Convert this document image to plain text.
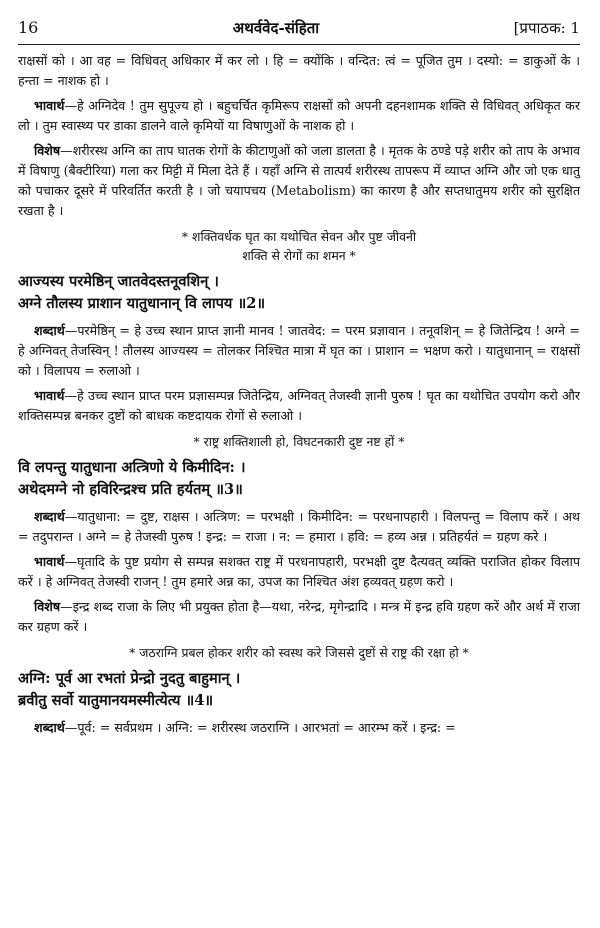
16	अथर्ववेद-संहिता	[प्रपाठक: 1

राक्षसों को । आ वह = विधिवत् अधिकार में कर लो । हि = क्योंकि । वन्दित: त्वं = पूजित तुम । दस्यो: = डाकुओं के । हन्ता = नाशक हो ।

भावार्थ—हे अग्निदेव ! तुम सुपूज्य हो । बहुचर्चित कृमिरूप राक्षसों को अपनी दहनशामक शक्ति से विधिवत् अधिकृत कर लो । तुम स्वास्थ्य पर डाका डालने वाले कृमियों या विषाणुओं के नाशक हो ।

विशेष—शरीरस्थ अग्नि का ताप घातक रोगों के कीटाणुओं को जला डालता है । मृतक के ठण्डे पड़े शरीर को ताप के अभाव में विषाणु (बैक्टीरिया) गला कर मिट्टी में मिला देते हैं । यहाँ अग्नि से तात्पर्य शरीरस्थ तापरूप में व्याप्त अग्नि और जो एक धातु को पचाकर दूसरे में परिवर्तित करती है । जो चयापचय (Metabolism) का कारण है और सप्तधातुमय शरीर को सुरक्षित रखता है ।

* शक्तिवर्धक घृत का यथोचित सेवन और पुष्ट जीवनी
शक्ति से रोगों का शमन *
आज्यस्य परमेष्ठिन् जातवेदस्तनूवशिन् ।
अग्ने तौलस्य प्राशान यातुधानान् वि लापय ॥2॥

शब्दार्थ—परमेष्ठिन् = हे उच्च स्थान प्राप्त ज्ञानी मानव ! जातवेद: = परम प्रज्ञावान । तनूवशिन् = हे जितेन्द्रिय ! अग्ने = हे अग्निवत् तेजस्विन् ! तौलस्य आज्यस्य = तोलकर निश्चित मात्रा में घृत का । प्राशान = भक्षण करो । यातुधानान् = राक्षसों को । विलापय = रुलाओ ।

भावार्थ—हे उच्च स्थान प्राप्त परम प्रज्ञासम्पन्न जितेन्द्रिय, अग्निवत् तेजस्वी ज्ञानी पुरुष ! घृत का यथोचित उपयोग करो और शक्तिसम्पन्न बनकर दुष्टों को बाधक कष्टदायक रोगों से रुलाओ ।

* राष्ट्र शक्तिशाली हो, विघटनकारी दुष्ट नष्ट हों *
वि लपन्तु यातुधाना अत्त्रिणो ये किमीदिन: ।
अथेदमग्ने नो हविरिन्द्रश्च प्रति हर्यतम् ॥3॥

शब्दार्थ—यातुधाना: = दुष्ट, राक्षस । अत्त्रिण: = परभक्षी । किमीदिन: = परधनापहारी । विलपन्तु = विलाप करें । अथ = तदुपरान्त । अग्ने = हे तेजस्वी पुरुष ! इन्द्र: = राजा । न: = हमारा । हवि: = हव्य अन्न । प्रतिहर्यतं = ग्रहण करे ।

भावार्थ—घृतादि के पुष्ट प्रयोग से सम्पन्न सशक्त राष्ट्र में परधनापहारी, परभक्षी दुष्ट दैत्यवत् व्यक्ति पराजित होकर विलाप करें । हे अग्निवत् तेजस्वी राजन् ! तुम हमारे अन्न का, उपज का निश्चित अंश हव्यवत् ग्रहण करो ।

विशेष—इन्द्र शब्द राजा के लिए भी प्रयुक्त होता है—यथा, नरेन्द्र, मृगेन्द्रादि । मन्त्र में इन्द्र हवि ग्रहण करें और अर्थ में राजा कर ग्रहण करें ।

* जठराग्नि प्रबल होकर शरीर को स्वस्थ करे जिससे दुष्टों से राष्ट्र की रक्षा हो *
अग्नि: पूर्व आ रभतां प्रेन्द्रो नुदतु बाहुमान् ।
ब्रवीतु सर्वो यातुमानयमस्मीत्येत्य ॥4॥

शब्दार्थ—पूर्व: = सर्वप्रथम । अग्नि: = शरीरस्थ जठराग्नि । आरभतां = आरम्भ करें । इन्द्र: =
